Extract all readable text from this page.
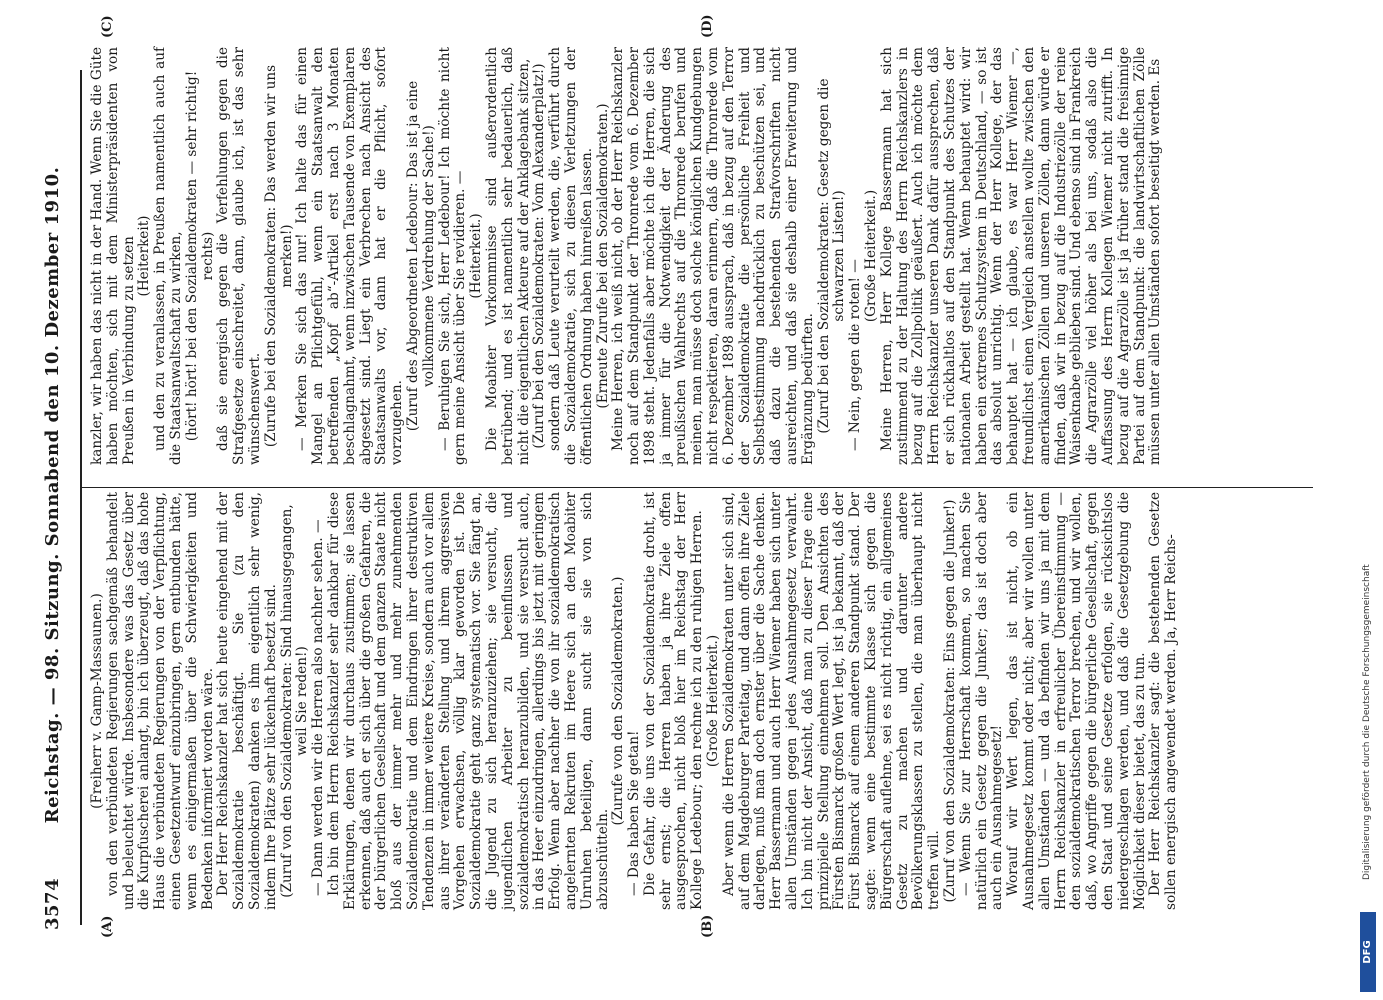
3574
Reichstag. — 98. Sitzung. Sonnabend den 10. Dezember 1910.
(A)	(B)
(C)	(D)

(Freiherr v. Gamp-Massaunen.) von den verbündeten Regierungen sachgemäß behandelt und beleuchtet würde. Insbesondere was das Gesetz über die Kurpfuscherei anlangt, bin ich überzeugt, daß das hohe Haus die verbündeten Regierungen von der Verpflichtung, einen Gesetzentwurf einzubringen, gern entbunden hätte, wenn es einigermaßen über die Schwierigkeiten und Bedenken informiert worden wäre. Der Herr Reichskanzler hat sich heute eingehend mit der Sozialdemokratie beschäftigt. Sie (zu den Sozialdemokraten) danken es ihm eigentlich sehr wenig, indem Ihre Plätze sehr lückenhaft besetzt sind. (Zuruf von den Sozialdemokraten: Sind hinausgegangen, weil Sie reden!) — Dann werden wir die Herren also nachher sehen. — Ich bin dem Herrn Reichskanzler sehr dankbar für diese Erklärungen, denen wir durchaus zustimmen; sie lassen erkennen, daß auch er sich über die großen Gefahren, die der bürgerlichen Gesellschaft und dem ganzen Staate nicht bloß aus der immer mehr und mehr zunehmenden Sozialdemokratie und dem Eindringen ihrer destruktiven Tendenzen in immer weitere Kreise, sondern auch vor allem aus ihrer veränderten Stellung und ihrem aggressiven Vorgehen erwachsen, völlig klar geworden ist. Die Sozialdemokratie geht ganz systematisch vor. Sie fängt an, die Jugend zu sich heranzuziehen; sie versucht, die jugendlichen Arbeiter zu beeinflussen und sozialdemokratisch heranzubilden, und sie versucht auch, in das Heer einzudringen, allerdings bis jetzt mit geringem Erfolg. Wenn aber nachher die von ihr sozialdemokratisch angelernten Rekruten im Heere sich an den Moabiter Unruhen beteiligen, dann sucht sie sie von sich abzuschütteln.

(Zurufe von den Sozialdemokraten.) — Das haben Sie getan! Die Gefahr, die uns von der Sozialdemokratie droht, ist sehr ernst; die Herren haben ja ihre Ziele offen ausgesprochen, nicht bloß hier im Reichstag der Herr Kollege Ledebour; den rechne ich zu den ruhigen Herren. (Große Heiterkeit.) Aber wenn die Herren Sozialdemokraten unter sich sind, auf dem Magdeburger Parteitag, und dann offen ihre Ziele darlegen, muß man doch ernster über die Sache denken. Herr Bassermann und auch Herr Wiemer haben sich unter allen Umständen gegen jedes Ausnahmegesetz verwahrt. Ich bin nicht der Ansicht, daß man zu dieser Frage eine prinzipielle Stellung einnehmen soll. Den Ansichten des Fürsten Bismarck großen Wert legt, ist ja bekannt, daß der Fürst Bismarck auf einem anderen Standpunkt stand. Der sagte: wenn eine bestimmte Klasse sich gegen die Bürgerschaft auflehne, sei es nicht richtig, ein allgemeines Gesetz zu machen und darunter andere Bevölkerungsklassen zu stellen, die man überhaupt nicht treffen will. (Zuruf von den Sozialdemokraten: Eins gegen die Junker!) — Wenn Sie zur Herrschaft kommen, so machen Sie natürlich ein Gesetz gegen die Junker; das ist doch aber auch ein Ausnahmegesetz! Worauf wir Wert legen, das ist nicht, ob ein Ausnahmegesetz kommt oder nicht; aber wir wollen unter allen Umständen — und da befinden wir uns ja mit dem Herrn Reichskanzler in erfreulicher Übereinstimmung — den sozialdemokratischen Terror brechen, und wir wollen, daß, wo Angriffe gegen die bürgerliche Gesellschaft, gegen den Staat und seine Gesetze erfolgen, sie rücksichtslos niedergeschlagen werden, und daß die Gesetzgebung die Möglichkeit dieser bietet, das zu tun. Der Herr Reichskanzler sagt: die bestehenden Gesetze sollen energisch angewendet werden. Ja, Herr Reichs-

kanzler, wir haben das nicht in der Hand. Wenn Sie die Güte haben möchten, sich mit dem Ministerpräsidenten von Preußen in Verbindung zu setzen (Heiterkeit) und den zu veranlassen, in Preußen namentlich auch auf die Staatsanwaltschaft zu wirken, (hört! hört! bei den Sozialdemokraten — sehr richtig! rechts) daß sie energisch gegen die Verfehlungen gegen die Strafgesetze einschreitet, dann, glaube ich, ist das sehr wünschenswert. (Zurufe bei den Sozialdemokraten: Das werden wir uns merken!) — Merken Sie sich das nur! Ich halte das für einen Mangel an Pflichtgefühl, wenn ein Staatsanwalt den betreffenden „Kopf ab“-Artikel erst nach 3 Monaten beschlagnahmt, wenn inzwischen Tausende von Exemplaren abgesetzt sind. Liegt ein Verbrechen nach Ansicht des Staatsanwalts vor, dann hat er die Pflicht, sofort vorzugehen. (Zuruf des Abgeordneten Ledebour: Das ist ja eine vollkommene Verdrehung der Sache!) — Beruhigen Sie sich, Herr Ledebour! Ich möchte nicht gern meine Ansicht über Sie revidieren. — (Heiterkeit.) Die Moabiter Vorkommnisse sind außerordentlich betrübend; und es ist namentlich sehr bedauerlich, daß nicht die eigentlichen Akteure auf der Anklagebank sitzen, (Zuruf bei den Sozialdemokraten: Vom Alexanderplatz!) sondern daß Leute verurteilt werden, die, verführt durch die Sozialdemokratie, sich zu diesen Verletzungen der öffentlichen Ordnung haben hinreißen lassen. (Erneute Zurufe bei den Sozialdemokraten.) Meine Herren, ich weiß nicht, ob der Herr Reichskanzler noch auf dem Standpunkt der Thronrede vom 6. Dezember 1898 steht. Jedenfalls aber möchte ich die Herren, die sich ja immer für die Notwendigkeit der Änderung des preußischen Wahlrechts auf die Thronrede berufen und meinen, man müsse doch solche königlichen Kundgebungen nicht respektieren, daran erinnern, daß die Thronrede vom 6. Dezember 1898 aussprach, daß in bezug auf den Terror der Sozialdemokratie die persönliche Freiheit und Selbstbestimmung nachdrücklich zu beschützen sei, und daß dazu die bestehenden Strafvorschriften nicht ausreichten, und daß sie deshalb einer Erweiterung und Ergänzung bedürften. (Zuruf bei den Sozialdemokraten: Gesetz gegen die schwarzen Listen!)

— Nein, gegen die roten! —

(Große Heiterkeit.) Meine Herren, Herr Kollege Bassermann hat sich zustimmend zu der Haltung des Herrn Reichskanzlers in bezug auf die Zollpolitik geäußert. Auch ich möchte dem Herrn Reichskanzler unseren Dank dafür aussprechen, daß er sich rückhaltlos auf den Standpunkt des Schutzes der nationalen Arbeit gestellt hat. Wenn behauptet wird: wir haben ein extremes Schutzsystem in Deutschland, — so ist das absolut unrichtig. Wenn der Herr Kollege, der das behauptet hat — ich glaube, es war Herr Wiemer —, freundlichst einen Vergleich anstellen wollte zwischen den amerikanischen Zöllen und unseren Zöllen, dann würde er finden, daß wir in bezug auf die Industriezölle der reine Waisenknabe geblieben sind. Und ebenso sind in Frankreich die Agrarzölle viel höher als bei uns, sodaß also die Auffassung des Herrn Kollegen Wiemer nicht zutrifft. In bezug auf die Agrarzölle ist ja früher stand die freisinnige Partei auf dem Standpunkt: die landwirtschaftlichen Zölle müssen unter allen Umständen sofort beseitigt werden. Es

DFG
Digitalisierung gefördert durch die Deutsche Forschungsgemeinschaft
